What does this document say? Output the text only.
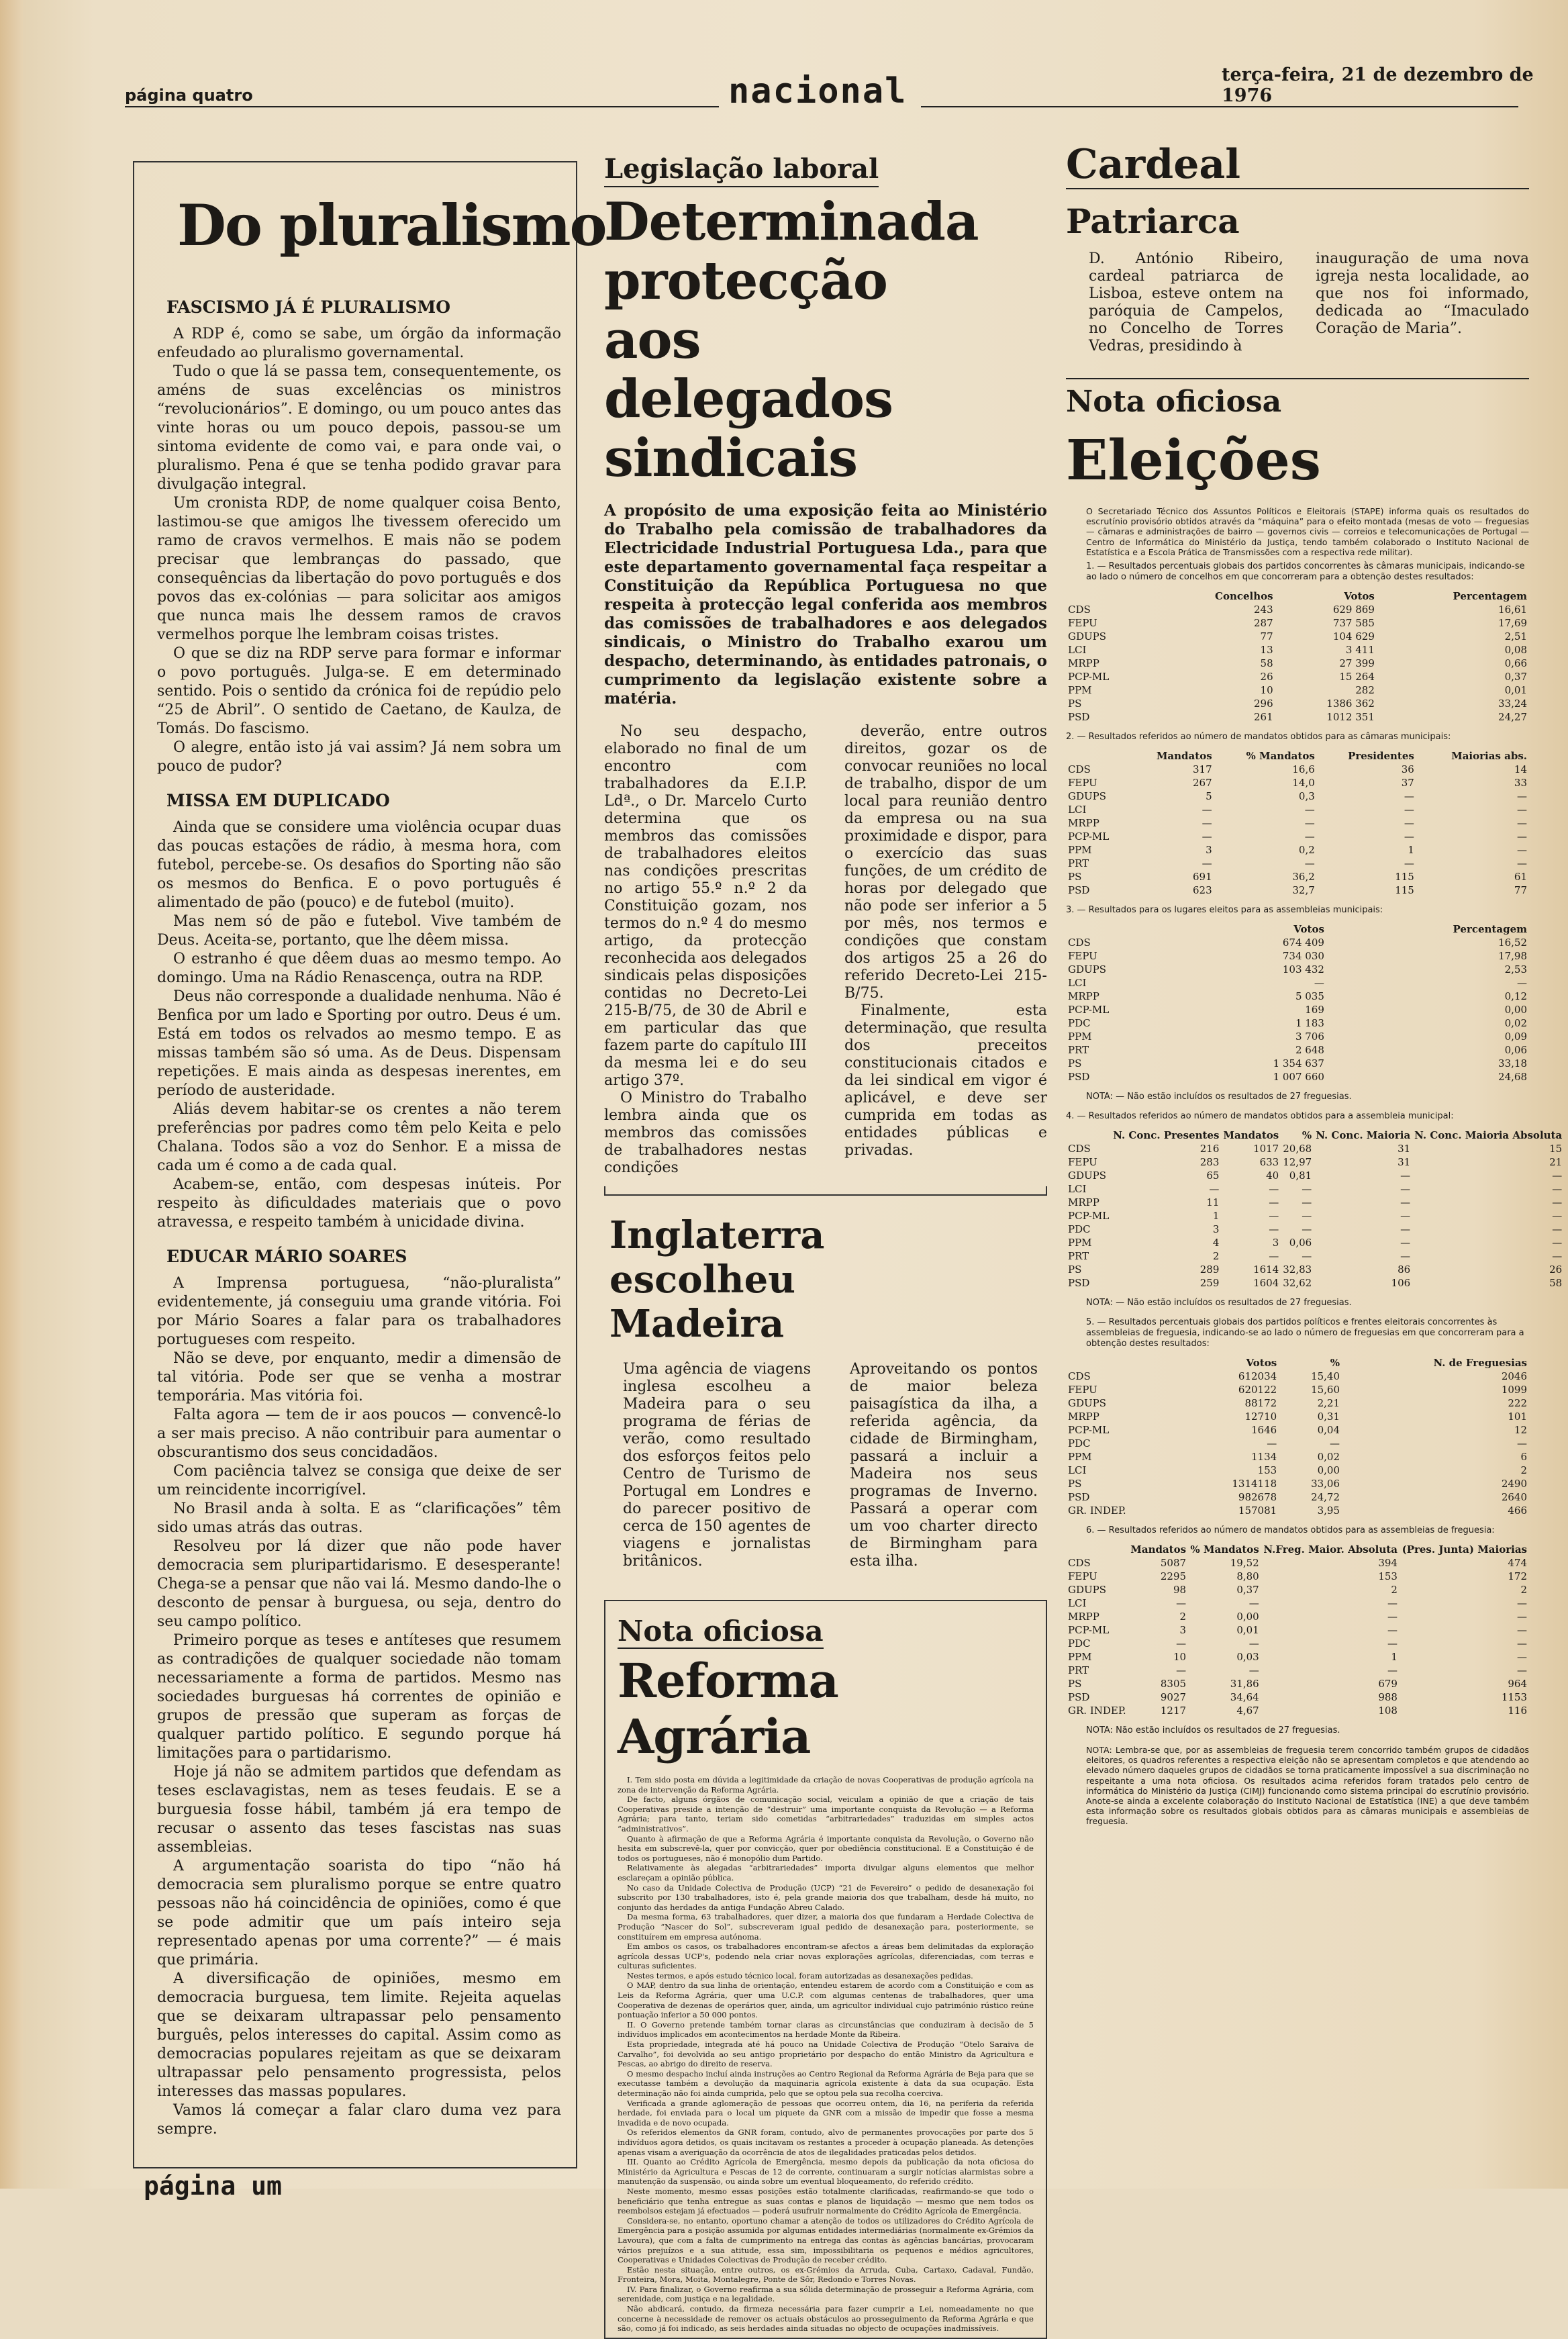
página quatro	nacional	terça-feira, 21 de dezembro de 1976
Do pluralismo
FASCISMO JÁ É PLURALISMO

A RDP é, como se sabe, um órgão da informação enfeudado ao pluralismo governamental.

Tudo o que lá se passa tem, consequentemente, os améns de suas excelências os ministros “revolucionários”. E domingo, ou um pouco antes das vinte horas ou um pouco depois, passou-se um sintoma evidente de como vai, e para onde vai, o pluralismo. Pena é que se tenha podido gravar para divulgação integral.

Um cronista RDP, de nome qualquer coisa Bento, lastimou-se que amigos lhe tivessem oferecido um ramo de cravos vermelhos. E mais não se podem precisar que lembranças do passado, que consequências da libertação do povo português e dos povos das ex-colónias — para solicitar aos amigos que nunca mais lhe dessem ramos de cravos vermelhos porque lhe lembram coisas tristes.

O que se diz na RDP serve para formar e informar o povo português. Julga-se. E em determinado sentido. Pois o sentido da crónica foi de repúdio pelo “25 de Abril”. O sentido de Caetano, de Kaulza, de Tomás. Do fascismo.

O alegre, então isto já vai assim? Já nem sobra um pouco de pudor?

MISSA EM DUPLICADO

Ainda que se considere uma violência ocupar duas das poucas estações de rádio, à mesma hora, com futebol, percebe-se. Os desafios do Sporting não são os mesmos do Benfica. E o povo português é alimentado de pão (pouco) e de futebol (muito).

Mas nem só de pão e futebol. Vive também de Deus. Aceita-se, portanto, que lhe dêem missa.

O estranho é que dêem duas ao mesmo tempo. Ao domingo. Uma na Rádio Renascença, outra na RDP.

Deus não corresponde a dualidade nenhuma. Não é Benfica por um lado e Sporting por outro. Deus é um. Está em todos os relvados ao mesmo tempo. E as missas também são só uma. As de Deus. Dispensam repetições. E mais ainda as despesas inerentes, em período de austeridade.

Aliás devem habitar-se os crentes a não terem preferências por padres como têm pelo Keita e pelo Chalana. Todos são a voz do Senhor. E a missa de cada um é como a de cada qual.

Acabem-se, então, com despesas inúteis. Por respeito às dificuldades materiais que o povo atravessa, e respeito também à unicidade divina.

EDUCAR MÁRIO SOARES

A Imprensa portuguesa, “não-pluralista” evidentemente, já conseguiu uma grande vitória. Foi por Mário Soares a falar para os trabalhadores portugueses com respeito.

Não se deve, por enquanto, medir a dimensão de tal vitória. Pode ser que se venha a mostrar temporária. Mas vitória foi.

Falta agora — tem de ir aos poucos — convencê-lo a ser mais preciso. A não contribuir para aumentar o obscurantismo dos seus concidadãos.

Com paciência talvez se consiga que deixe de ser um reincidente incorrigível.

No Brasil anda à solta. E as “clarificações” têm sido umas atrás das outras.

Resolveu por lá dizer que não pode haver democracia sem pluripartidarismo. E desesperante! Chega-se a pensar que não vai lá. Mesmo dando-lhe o desconto de pensar à burguesa, ou seja, dentro do seu campo político.

Primeiro porque as teses e antíteses que resumem as contradições de qualquer sociedade não tomam necessariamente a forma de partidos. Mesmo nas sociedades burguesas há correntes de opinião e grupos de pressão que superam as forças de qualquer partido político. E segundo porque há limitações para o partidarismo.

Hoje já não se admitem partidos que defendam as teses esclavagistas, nem as teses feudais. E se a burguesia fosse hábil, também já era tempo de recusar o assento das teses fascistas nas suas assembleias.

A argumentação soarista do tipo “não há democracia sem pluralismo porque se entre quatro pessoas não há coincidência de opiniões, como é que se pode admitir que um país inteiro seja representado apenas por uma corrente?” — é mais que primária.

A diversificação de opiniões, mesmo em democracia burguesa, tem limite. Rejeita aquelas que se deixaram ultrapassar pelo pensamento burguês, pelos interesses do capital. Assim como as democracias populares rejeitam as que se deixaram ultrapassar pelo pensamento progressista, pelos interesses das massas populares.

Vamos lá começar a falar claro duma vez para sempre.

Legislação laboral
Determinada protecção aos delegados sindicais

A propósito de uma exposição feita ao Ministério do Trabalho pela comissão de trabalhadores da Electricidade Industrial Portuguesa Lda., para que este departamento governamental faça respeitar a Constituição da República Portuguesa no que respeita à protecção legal conferida aos membros das comissões de trabalhadores e aos delegados sindicais, o Ministro do Trabalho exarou um despacho, determinando, às entidades patronais, o cumprimento da legislação existente sobre a matéria.

No seu despacho, elaborado no final de um encontro com trabalhadores da E.I.P. Ldª., o Dr. Marcelo Curto determina que os membros das comissões de trabalhadores eleitos nas condições prescritas no artigo 55.º n.º 2 da Constituição gozam, nos termos do n.º 4 do mesmo artigo, da protecção reconhecida aos delegados sindicais pelas disposições contidas no Decreto-Lei 215-B/75, de 30 de Abril e em particular das que fazem parte do capítulo III da mesma lei e do seu artigo 37º.

O Ministro do Trabalho lembra ainda que os membros das comissões de trabalhadores nestas condições

deverão, entre outros direitos, gozar os de convocar reuniões no local de trabalho, dispor de um local para reunião dentro da empresa ou na sua proximidade e dispor, para o exercício das suas funções, de um crédito de horas por delegado que não pode ser inferior a 5 por mês, nos termos e condições que constam dos artigos 25 a 26 do referido Decreto-Lei 215-B/75.

Finalmente, esta determinação, que resulta dos preceitos constitucionais citados e da lei sindical em vigor é aplicável, e deve ser cumprida em todas as entidades públicas e privadas.

Inglaterra escolheu Madeira

Uma agência de viagens inglesa escolheu a Madeira para o seu programa de férias de verão, como resultado dos esforços feitos pelo Centro de Turismo de Portugal em Londres e do parecer positivo de cerca de 150 agentes de viagens e jornalistas britânicos.

Aproveitando os pontos de maior beleza paisagística da ilha, a referida agência, da cidade de Birmingham, passará a incluir a Madeira nos seus programas de Inverno. Passará a operar com um voo charter directo de Birmingham para esta ilha.

Nota oficiosa
Reforma Agrária

I. Tem sido posta em dúvida a legitimidade da criação de novas Cooperativas de produção agrícola na zona de intervenção da Reforma Agrária.

De facto, alguns órgãos de comunicação social, veiculam a opinião de que a criação de tais Cooperativas preside a intenção de “destruir” uma importante conquista da Revolução — a Reforma Agrária; para tanto, teriam sido cometidas “arbitrariedades” traduzidas em simples actos “administrativos”.

Quanto à afirmação de que a Reforma Agrária é importante conquista da Revolução, o Governo não hesita em subscrevê-la, quer por convicção, quer por obediência constitucional. E a Constituição é de todos os portugueses, não é monopólio dum Partido.

Relativamente às alegadas “arbitrariedades” importa divulgar alguns elementos que melhor esclareçam a opinião pública.

No caso da Unidade Colectiva de Produção (UCP) “21 de Fevereiro” o pedido de desanexação foi subscrito por 130 trabalhadores, isto é, pela grande maioria dos que trabalham, desde há muito, no conjunto das herdades da antiga Fundação Abreu Calado.

Da mesma forma, 63 trabalhadores, quer dizer, a maioria dos que fundaram a Herdade Colectiva de Produção “Nascer do Sol”, subscreveram igual pedido de desanexação para, posteriormente, se constituírem em empresa autónoma.

Em ambos os casos, os trabalhadores encontram-se afectos a áreas bem delimitadas da exploração agrícola dessas UCP's, podendo nela criar novas explorações agrícolas, diferenciadas, com terras e culturas suficientes.

Nestes termos, e após estudo técnico local, foram autorizadas as desanexações pedidas.

O MAP, dentro da sua linha de orientação, entendeu estarem de acordo com a Constituição e com as Leis da Reforma Agrária, quer uma U.C.P. com algumas centenas de trabalhadores, quer uma Cooperativa de dezenas de operários quer, ainda, um agricultor individual cujo património rústico reúne pontuação inferior a 50 000 pontos.

II. O Governo pretende também tornar claras as circunstâncias que conduziram à decisão de 5 indivíduos implicados em acontecimentos na herdade Monte da Ribeira.

Esta propriedade, integrada até há pouco na Unidade Colectiva de Produção “Otelo Saraiva de Carvalho”, foi devolvida ao seu antigo proprietário por despacho do então Ministro da Agricultura e Pescas, ao abrigo do direito de reserva.

O mesmo despacho incluí ainda instruções ao Centro Regional da Reforma Agrária de Beja para que se executasse também a devolução da maquinaria agrícola existente à data da sua ocupação. Esta determinação não foi ainda cumprida, pelo que se optou pela sua recolha coerciva.

Verificada a grande aglomeração de pessoas que ocorreu ontem, dia 16, na periferia da referida herdade, foi enviada para o local um piquete da GNR com a missão de impedir que fosse a mesma invadida e de novo ocupada.

Os referidos elementos da GNR foram, contudo, alvo de permanentes provocações por parte dos 5 indivíduos agora detidos, os quais incitavam os restantes a proceder à ocupação planeada. As detenções apenas visam a averiguação da ocorrência de atos de ilegalidades praticadas pelos detidos.

III. Quanto ao Crédito Agrícola de Emergência, mesmo depois da publicação da nota oficiosa do Ministério da Agricultura e Pescas de 12 de corrente, continuaram a surgir notícias alarmistas sobre a manutenção da suspensão, ou ainda sobre um eventual bloqueamento, do referido crédito.

Neste momento, mesmo essas posições estão totalmente clarificadas, reafirmando-se que todo o beneficiário que tenha entregue as suas contas e planos de liquidação — mesmo que nem todos os reembolsos estejam já efectuados — poderá usufruir normalmente do Crédito Agrícola de Emergência.

Considera-se, no entanto, oportuno chamar a atenção de todos os utilizadores do Crédito Agrícola de Emergência para a posição assumida por algumas entidades intermediárias (normalmente ex-Grémios da Lavoura), que com a falta de cumprimento na entrega das contas às agências bancárias, provocaram vários prejuízos e a sua atitude, essa sim, impossibilitaria os pequenos e médios agricultores, Cooperativas e Unidades Colectivas de Produção de receber crédito.

Estão nesta situação, entre outros, os ex-Grémios da Arruda, Cuba, Cartaxo, Cadaval, Fundão, Fronteira, Mora, Moita, Montalegre, Ponte de Sôr, Redondo e Torres Novas.

IV. Para finalizar, o Governo reafirma a sua sólida determinação de prosseguir a Reforma Agrária, com serenidade, com justiça e na legalidade.

Não abdicará, contudo, da firmeza necessária para fazer cumprir a Lei, nomeadamente no que concerne à necessidade de remover os actuais obstáculos ao prosseguimento da Reforma Agrária e que são, como já foi indicado, as seis herdades ainda situadas no objecto de ocupações inadmissíveis.

Cardeal
Patriarca

D. António Ribeiro, cardeal patriarca de Lisboa, esteve ontem na paróquia de Campelos, no Concelho de Torres Vedras, presidindo à

inauguração de uma nova igreja nesta localidade, ao que nos foi informado, dedicada ao “Imaculado Coração de Maria”.

Nota oficiosa
Eleições

O Secretariado Técnico dos Assuntos Políticos e Eleitorais (STAPE) informa quais os resultados do escrutínio provisório obtidos através da “máquina” para o efeito montada (mesas de voto — freguesias — câmaras e administrações de bairro — governos civis — correios e telecomunicações de Portugal — Centro de Informática do Ministério da Justiça, tendo também colaborado o Instituto Nacional de Estatística e a Escola Prática de Transmissões com a respectiva rede militar).

1. — Resultados percentuais globais dos partidos concorrentes às câmaras municipais, indicando-se ao lado o número de concelhos em que concorreram para a obtenção destes resultados:

	Concelhos	Votos	Percentagem
CDS	243	629 869	16,61
FEPU	287	737 585	17,69
GDUPS	77	104 629	2,51
LCI	13	3 411	0,08
MRPP	58	27 399	0,66
PCP-ML	26	15 264	0,37
PPM	10	282	0,01
PS	296	1386 362	33,24
PSD	261	1012 351	24,27

2. — Resultados referidos ao número de mandatos obtidos para as câmaras municipais:

	Mandatos	% Mandatos	Presidentes	Maiorias abs.
CDS	317	16,6	36	14
FEPU	267	14,0	37	33
GDUPS	5	0,3	—	—

LCI	—	—	—	—
MRPP	—	—	—	—
PCP-ML	—	—	—	—
PPM	3	0,2	1	—
PRT	—	—	—	—
PS	691	36,2	115	61
PSD	623	32,7	115	77

3. — Resultados para os lugares eleitos para as assembleias municipais:

	Votos	Percentagem
CDS	674 409	16,52
FEPU	734 030	17,98
GDUPS	103 432	2,53
LCI	—	—
MRPP	5 035	0,12
PCP-ML	169	0,00
PDC	1 183	0,02
PPM	3 706	0,09
PRT	2 648	0,06
PS	1 354 637	33,18
PSD	1 007 660	24,68

NOTA: — Não estão incluídos os resultados de 27 freguesias.

4. — Resultados referidos ao número de mandatos obtidos para a assembleia municipal:

	N. Conc. Presentes	Mandatos	%	N. Conc. Maioria	N. Conc. Maioria Absoluta
CDS	216	1017	20,68	31	15
FEPU	283	633	12,97	31	21
GDUPS	65	40	0,81	—	—
LCI	—	—	—	—	—
MRPP	11	—	—	—	—
PCP-ML	1	—	—	—	—
PDC	3	—	—	—	—
PPM	4	3	0,06	—	—
PRT	2	—	—	—	—
PS	289	1614	32,83	86	26
PSD	259	1604	32,62	106	58

NOTA: — Não estão incluídos os resultados de 27 freguesias.

5. — Resultados percentuais globais dos partidos políticos e frentes eleitorais concorrentes às assembleias de freguesia, indicando-se ao lado o número de freguesias em que concorreram para a obtenção destes resultados:

	Votos	%	N. de Freguesias
CDS	612034	15,40	2046
FEPU	620122	15,60	1099
GDUPS	88172	2,21	222
MRPP	12710	0,31	101
PCP-ML	1646	0,04	12
PDC	—	—	—
PPM	1134	0,02	6
LCI	153	0,00	2
PS	1314118	33,06	2490
PSD	982678	24,72	2640
GR. INDEP.	157081	3,95	466

6. — Resultados referidos ao número de mandatos obtidos para as assembleias de freguesia:

	Mandatos	% Mandatos	N.Freg. Maior. Absoluta	(Pres. Junta) Maiorias
CDS	5087	19,52	394	474
FEPU	2295	8,80	153	172
GDUPS	98	0,37	2	2
LCI	—	—	—	—
MRPP	2	0,00	—	—
PCP-ML	3	0,01	—	—
PDC	—	—	—	—
PPM	10	0,03	1	—
PRT	—	—	—	—
PS	8305	31,86	679	964
PSD	9027	34,64	988	1153
GR. INDEP.	1217	4,67	108	116

NOTA: Não estão incluídos os resultados de 27 freguesias.

NOTA: Lembra-se que, por as assembleias de freguesia terem concorrido também grupos de cidadãos eleitores, os quadros referentes a respectiva eleição não se apresentam completos e que atendendo ao elevado número daqueles grupos de cidadãos se torna praticamente impossível a sua discriminação no respeitante a uma nota oficiosa. Os resultados acima referidos foram tratados pelo centro de informática do Ministério da Justiça (CIMJ) funcionando como sistema principal do escrutínio provisório. Anote-se ainda a excelente colaboração do Instituto Nacional de Estatística (INE) a que deve também esta informação sobre os resultados globais obtidos para as câmaras municipais e assembleias de freguesia.

página um
